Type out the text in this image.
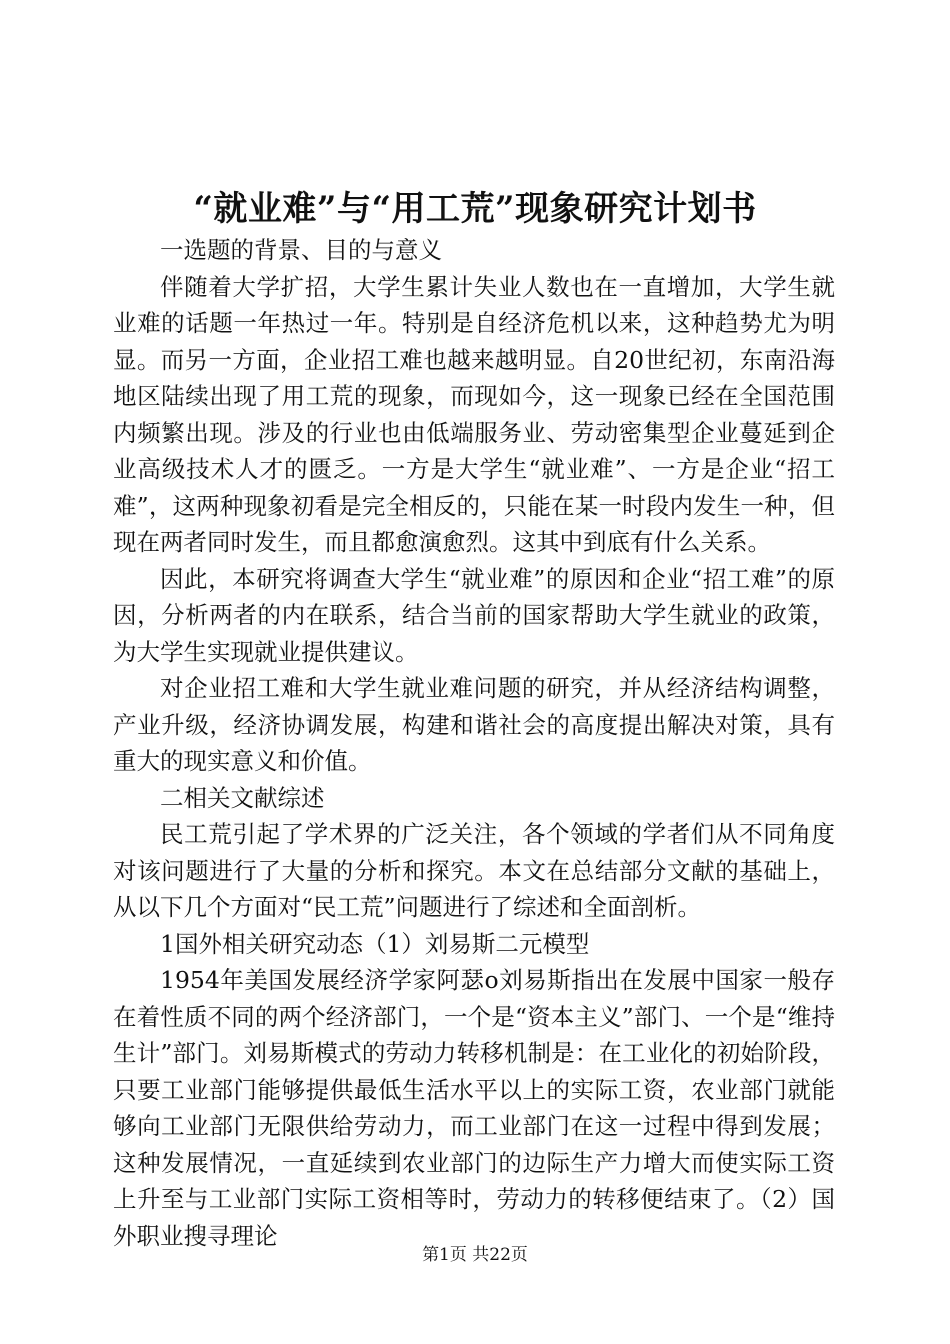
“就业难”与“用工荒”现象研究计划书

一选题的背景、目的与意义

伴随着大学扩招，大学生累计失业人数也在一直增加，大学生就业难的话题一年热过一年。特别是自经济危机以来，这种趋势尤为明显。而另一方面，企业招工难也越来越明显。自20世纪初，东南沿海地区陆续出现了用工荒的现象，而现如今，这一现象已经在全国范围内频繁出现。涉及的行业也由低端服务业、劳动密集型企业蔓延到企业高级技术人才的匮乏。一方是大学生“就业难”、一方是企业“招工难”，这两种现象初看是完全相反的，只能在某一时段内发生一种，但现在两者同时发生，而且都愈演愈烈。这其中到底有什么关系。

因此，本研究将调查大学生“就业难”的原因和企业“招工难”的原因，分析两者的内在联系，结合当前的国家帮助大学生就业的政策，为大学生实现就业提供建议。

对企业招工难和大学生就业难问题的研究，并从经济结构调整，产业升级，经济协调发展，构建和谐社会的高度提出解决对策，具有重大的现实意义和价值。

二相关文献综述

民工荒引起了学术界的广泛关注，各个领域的学者们从不同角度对该问题进行了大量的分析和探究。本文在总结部分文献的基础上，从以下几个方面对“民工荒”问题进行了综述和全面剖析。

1国外相关研究动态（1）刘易斯二元模型

1954年美国发展经济学家阿瑟o刘易斯指出在发展中国家一般存在着性质不同的两个经济部门，一个是“资本主义”部门、一个是“维持生计”部门。刘易斯模式的劳动力转移机制是：在工业化的初始阶段，只要工业部门能够提供最低生活水平以上的实际工资，农业部门就能够向工业部门无限供给劳动力，而工业部门在这一过程中得到发展；这种发展情况，一直延续到农业部门的边际生产力增大而使实际工资上升至与工业部门实际工资相等时，劳动力的转移便结束了。（2）国外职业搜寻理论

第1页 共22页
